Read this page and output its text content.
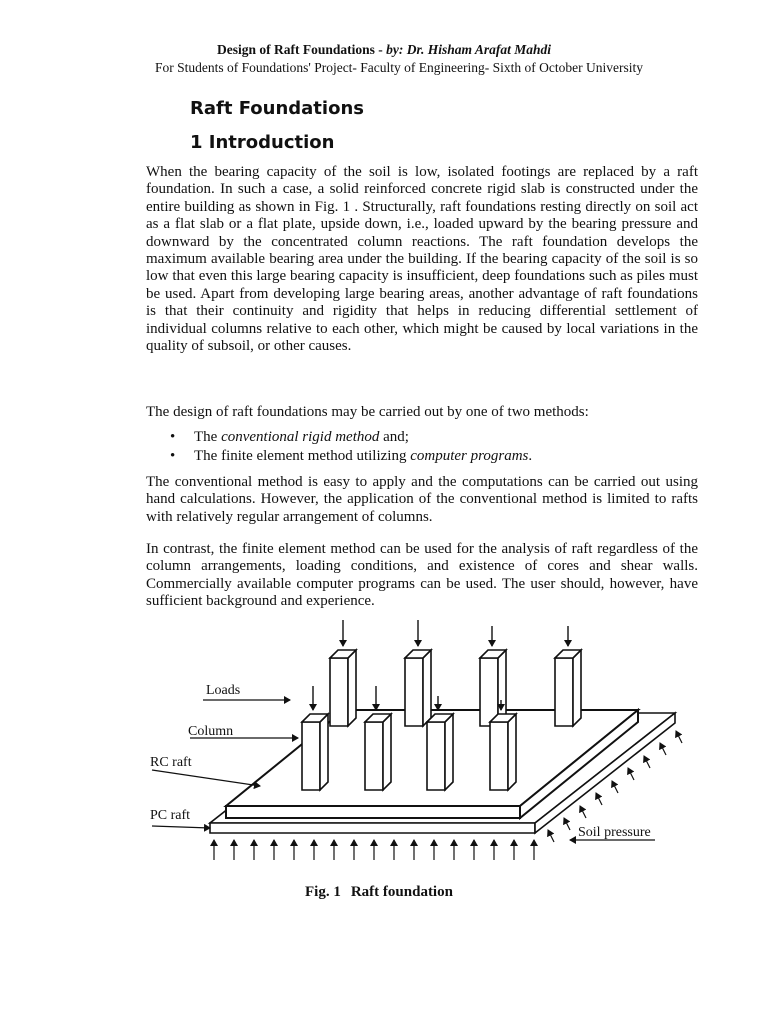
Design of Raft Foundations - by: Dr. Hisham Arafat Mahdi
For Students of Foundations' Project- Faculty of Engineering- Sixth of October University
Raft Foundations
1 Introduction
When the bearing capacity of the soil is low, isolated footings are replaced by a raft foundation. In such a case, a solid reinforced concrete rigid slab is constructed under the entire building as shown in Fig. 1 . Structurally, raft foundations resting directly on soil act as a flat slab or a flat plate, upside down, i.e., loaded upward by the bearing pressure and downward by the concentrated column reactions. The raft foundation develops the maximum available bearing area under the building. If the bearing capacity of the soil is so low that even this large bearing capacity is insufficient, deep foundations such as piles must be used. Apart from developing large bearing areas, another advantage of raft foundations is that their continuity and rigidity that helps in reducing differential settlement of individual columns relative to each other, which might be caused by local variations in the quality of subsoil, or other causes.
The design of raft foundations may be carried out by one of two methods:
• The conventional rigid method and;
• The finite element method utilizing computer programs.
The conventional method is easy to apply and the computations can be carried out using hand calculations. However, the application of the conventional method is limited to rafts with relatively regular arrangement of columns.
In contrast, the finite element method can be used for the analysis of raft regardless of the column arrangements, loading conditions, and existence of cores and shear walls. Commercially available computer programs can be used. The user should, however, have sufficient background and experience.
Loads
Column
RC raft
PC raft
Soil pressure
Fig. 1 Raft foundation
